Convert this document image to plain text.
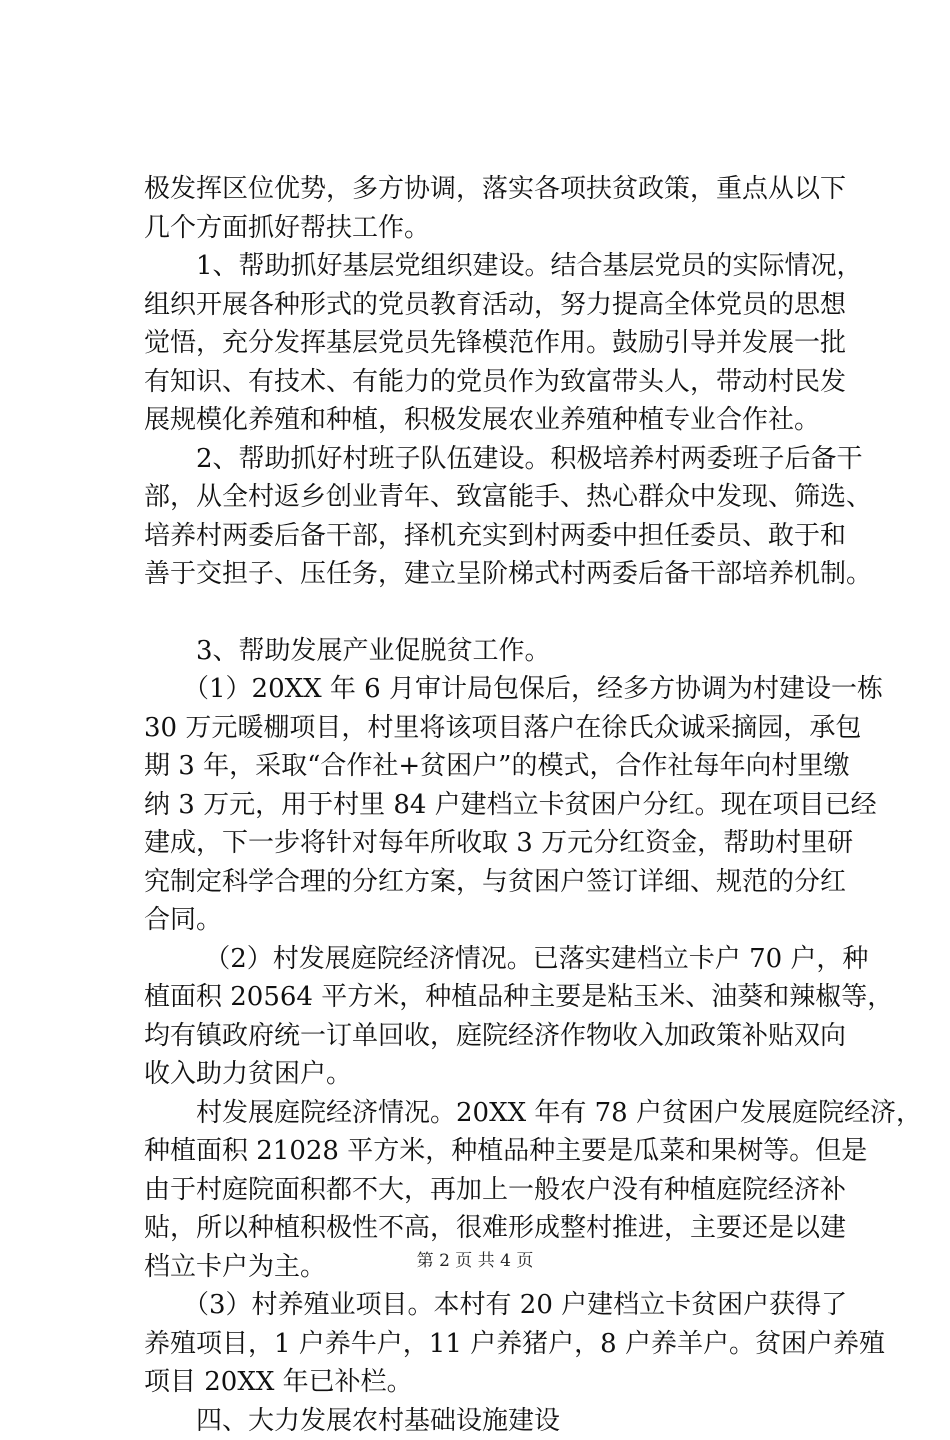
极发挥区位优势，多方协调，落实各项扶贫政策，重点从以下
几个方面抓好帮扶工作。
　　1、帮助抓好基层党组织建设。结合基层党员的实际情况，
组织开展各种形式的党员教育活动，努力提高全体党员的思想
觉悟，充分发挥基层党员先锋模范作用。鼓励引导并发展一批
有知识、有技术、有能力的党员作为致富带头人，带动村民发
展规模化养殖和种植，积极发展农业养殖种植专业合作社。
　　2、帮助抓好村班子队伍建设。积极培养村两委班子后备干
部，从全村返乡创业青年、致富能手、热心群众中发现、筛选、
培养村两委后备干部，择机充实到村两委中担任委员、敢于和
善于交担子、压任务，建立呈阶梯式村两委后备干部培养机制。
　　3、帮助发展产业促脱贫工作。
　　（1）20XX 年 6 月审计局包保后，经多方协调为村建设一栋
30 万元暖棚项目，村里将该项目落户在徐氏众诚采摘园，承包
期 3 年，采取“合作社+贫困户”的模式，合作社每年向村里缴
纳 3 万元，用于村里 84 户建档立卡贫困户分红。现在项目已经
建成，下一步将针对每年所收取 3 万元分红资金，帮助村里研
究制定科学合理的分红方案，与贫困户签订详细、规范的分红
合同。
　　 （2）村发展庭院经济情况。已落实建档立卡户 70 户，种
植面积 20564 平方米，种植品种主要是粘玉米、油葵和辣椒等，
均有镇政府统一订单回收，庭院经济作物收入加政策补贴双向
收入助力贫困户。
　　村发展庭院经济情况。20XX 年有 78 户贫困户发展庭院经济，
种植面积 21028 平方米，种植品种主要是瓜菜和果树等。但是
由于村庭院面积都不大，再加上一般农户没有种植庭院经济补
贴，所以种植积极性不高，很难形成整村推进，主要还是以建
档立卡户为主。
　　（3）村养殖业项目。本村有 20 户建档立卡贫困户获得了
养殖项目，1 户养牛户，11 户养猪户，8 户养羊户。贫困户养殖
项目 20XX 年已补栏。
　　四、大力发展农村基础设施建设
第 2 页 共 4 页
